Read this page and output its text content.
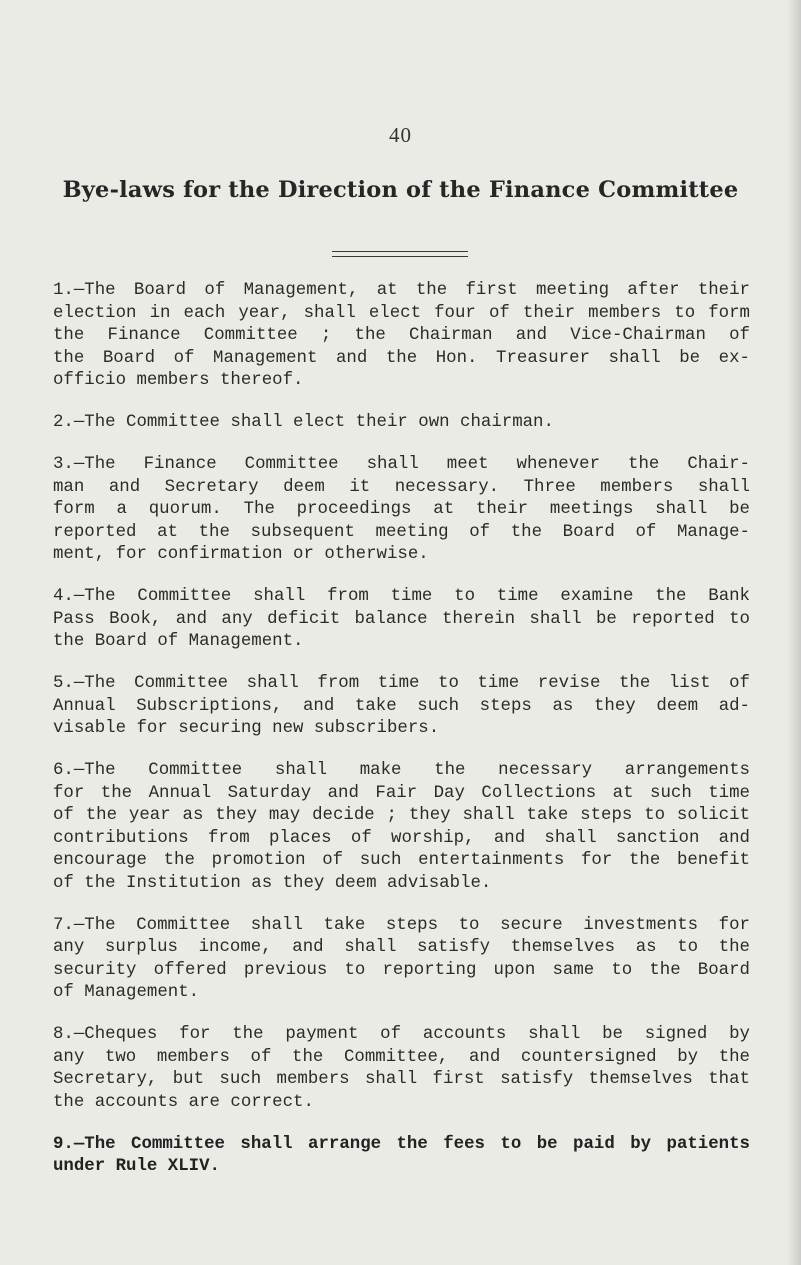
40
Bye-laws for the Direction of the Finance Committee
1.—The Board of Management, at the first meeting after their
election in each year, shall elect four of their members to form
the Finance Committee ; the Chairman and Vice-Chairman of
the Board of Management and the Hon. Treasurer shall be ex-
officio members thereof.
2.—The Committee shall elect their own chairman.
3.—The Finance Committee shall meet whenever the Chair-
man and Secretary deem it necessary. Three members shall
form a quorum. The proceedings at their meetings shall be
reported at the subsequent meeting of the Board of Manage-
ment, for confirmation or otherwise.
4.—The Committee shall from time to time examine the Bank
Pass Book, and any deficit balance therein shall be reported to
the Board of Management.
5.—The Committee shall from time to time revise the list of
Annual Subscriptions, and take such steps as they deem ad-
visable for securing new subscribers.
6.—The Committee shall make the necessary arrangements
for the Annual Saturday and Fair Day Collections at such time
of the year as they may decide ; they shall take steps to solicit
contributions from places of worship, and shall sanction and
encourage the promotion of such entertainments for the benefit
of the Institution as they deem advisable.
7.—The Committee shall take steps to secure investments for
any surplus income, and shall satisfy themselves as to the
security offered previous to reporting upon same to the Board
of Management.
8.—Cheques for the payment of accounts shall be signed by
any two members of the Committee, and countersigned by the
Secretary, but such members shall first satisfy themselves that
the accounts are correct.
9.—The Committee shall arrange the fees to be paid by patients
under Rule XLIV.
